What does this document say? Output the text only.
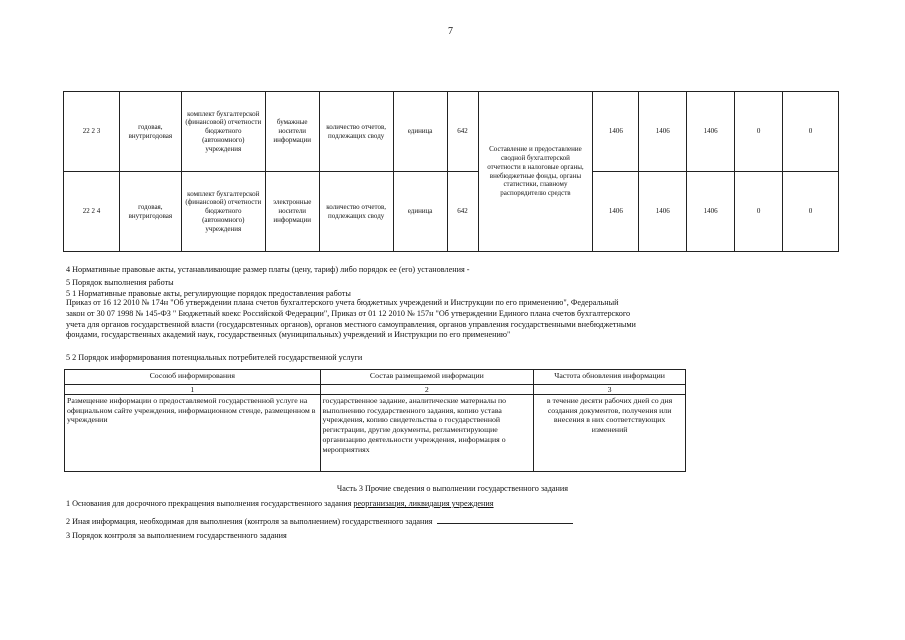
7
22 2 3	годовая, внутригодовая	комплект бухгалтерской (финансовой) отчетности бюджетного (автономного) учреждения	бумажные носители информации	количество отчетов, подлежащих своду	единица	642	Составление и предоставление сводной бухгалтерской отчетности в налоговые органы, внебюджетные фонды, органы статистики, главному распорядителю средств	1406	1406	1406	0	0
22 2 4	годовая, внутригодовая	комплект бухгалтерской (финансовой) отчетности бюджетного (автономного) учреждения	электронные носители информации	количество отчетов, подлежащих своду	единица	642		1406	1406	1406	0	0

4 Нормативные правовые акты, устанавливающие размер платы (цену, тариф) либо порядок ее (его) установления -

5 Порядок выполнения работы

5 1 Нормативные правовые акты, регулирующие порядок предоставления работы

Приказ от 16 12 2010 № 174н "Об утверждении плана счетов бухгалтерского учета бюджетных учреждений и Инструкции по его применению", Федеральный

закон от 30 07 1998 № 145-ФЗ " Бюджетный коекс Российской Федерации", Приказ от 01 12 2010 № 157н "Об утверждении Единого плана счетов бухгалтерского

учета для органов государственной власти (государсвтенных органов), органов местного самоуправления, органов управления государственными внебюджетными

фондами, государственных академий наук, государственных (муниципальных) учреждений и Инструкции по его применению"

5 2 Порядок информирования потенциальных потребителей государственной услуги

Сосоюб информирования	Состав размещаемой информации	Частота обновления информации
1	2	3
Размещение информации о предоставляемой государственной услуге на официальном сайте учреждения, информационном стенде, размещенном в учреждении	государственное задание, аналитические материалы по выполнению государственного задания, копию устава учреждения, копию свидетельства о государственной регистрации, другие документы, регламентирующие организацию деятельности учреждения, информация о мероприятиях	в течение десяти рабочих дней со дня создания документов, получения или внесения в них соответствующих изменений
Часть 3 Прочие сведения о выполнении государственного задания
1 Основания для досрочного прекращения выполнения государственного задания реорганизация, ликвидация учреждения
2 Иная информация, необходимая для выполнения (контроля за выполнением) государственного задания
3 Порядок контроля за выполнением государственного задания
